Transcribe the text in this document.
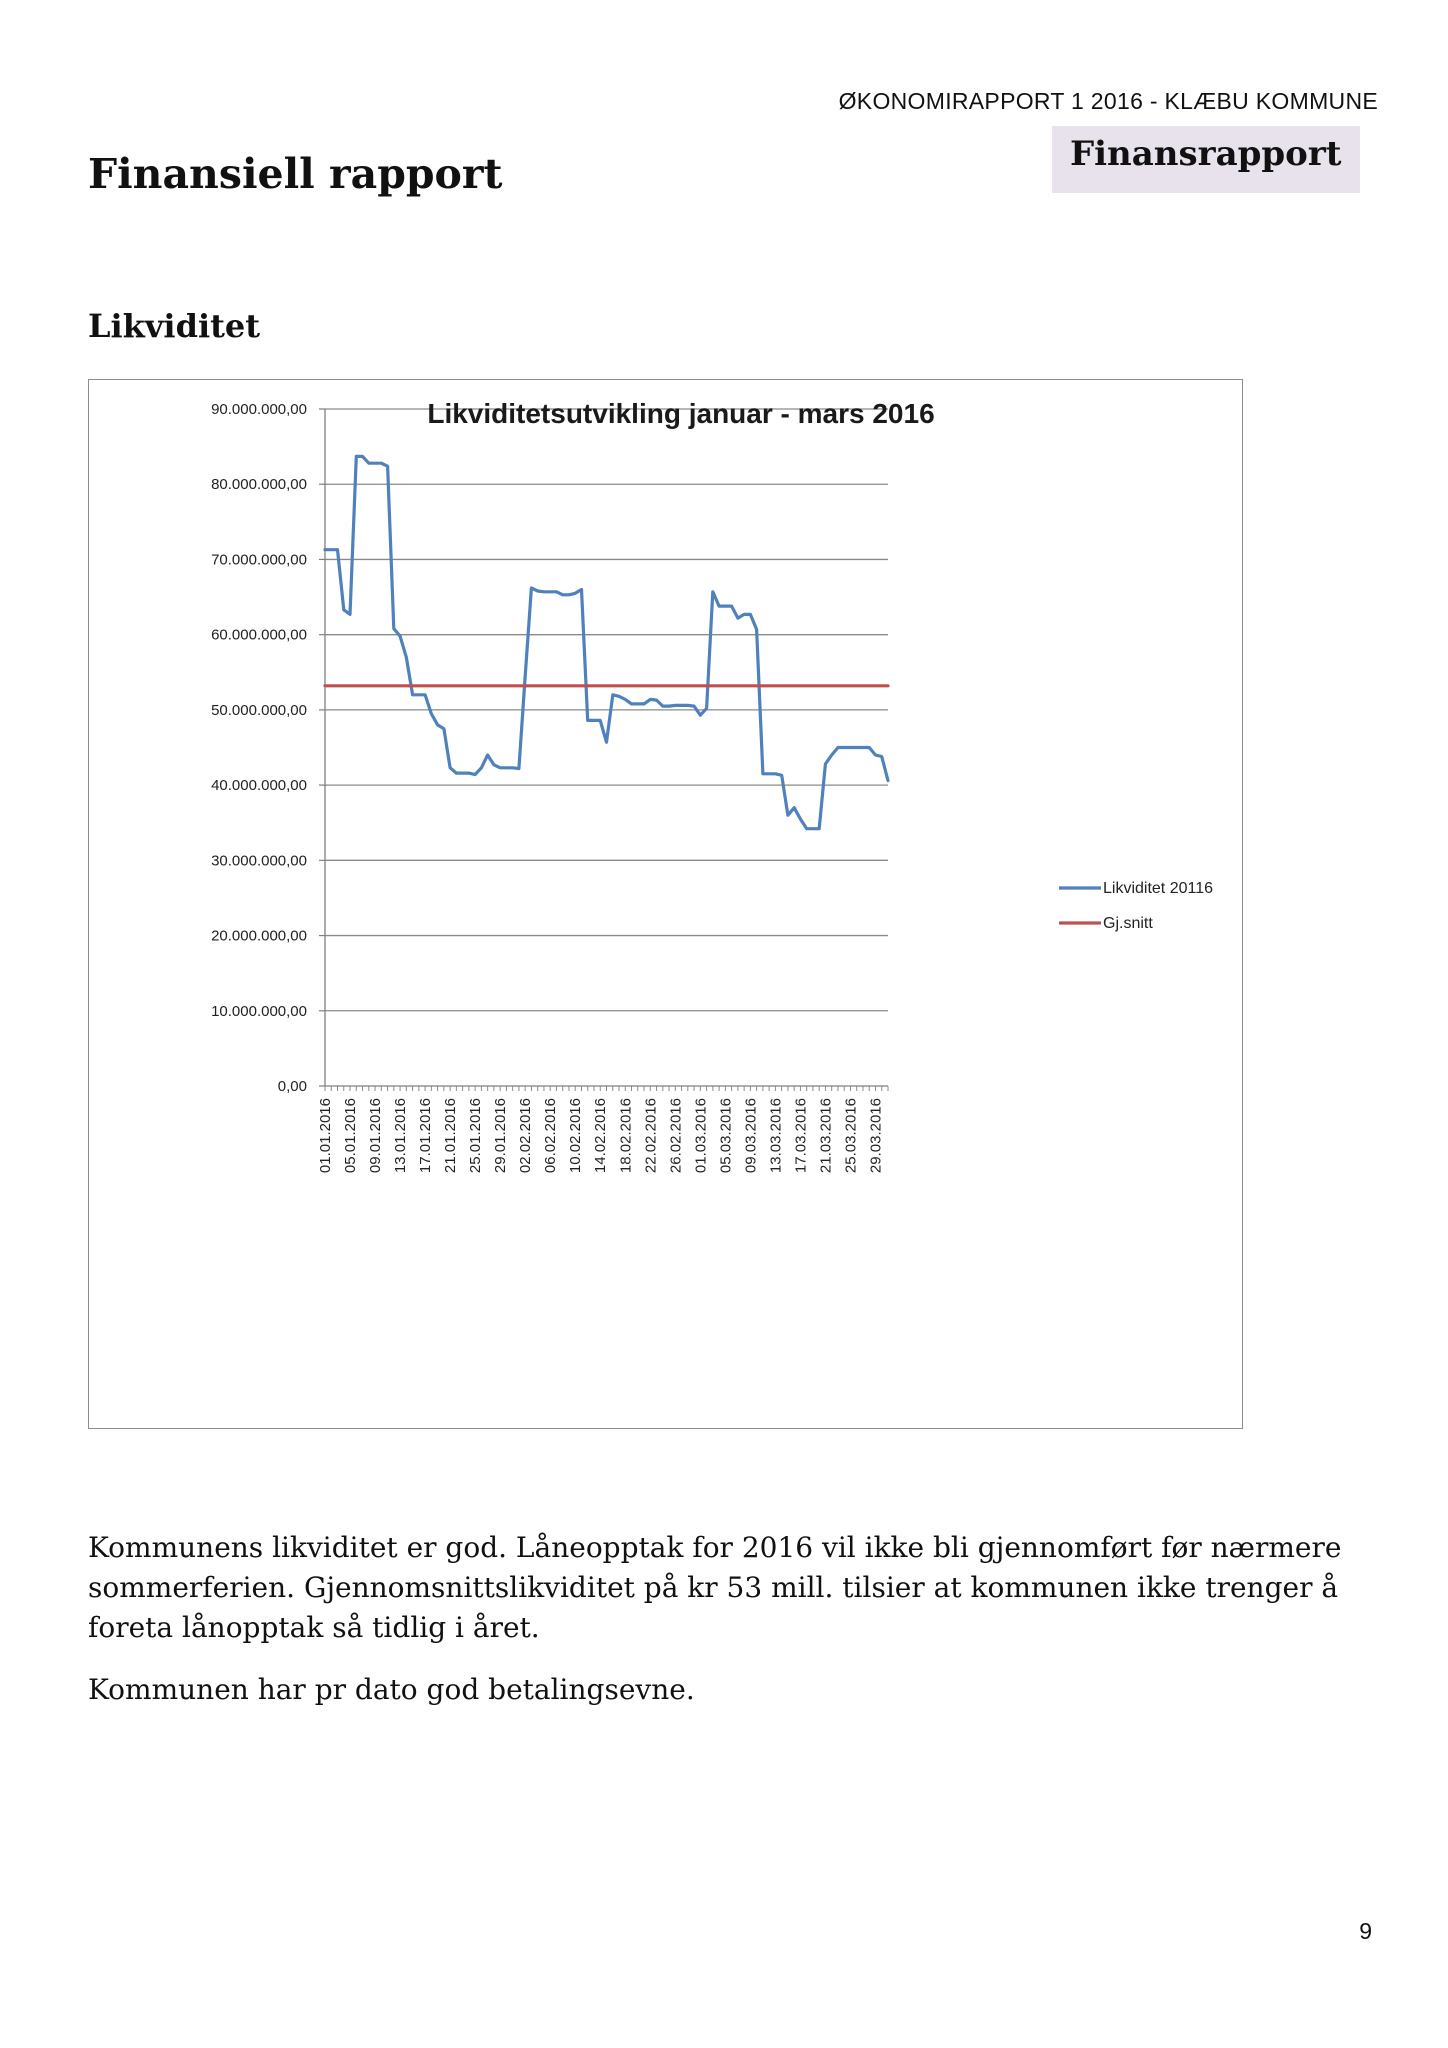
ØKONOMIRAPPORT 1 2016 - KLÆBU KOMMUNE
Finansrapport
Finansiell rapport
Likviditet
0,00
10.000.000,00
20.000.000,00
30.000.000,00
40.000.000,00
50.000.000,00
60.000.000,00
70.000.000,00
80.000.000,00
90.000.000,00
01.01.2016 05.01.2016 09.01.2016 13.01.2016 17.01.2016 21.01.2016 25.01.2016 29.01.2016 02.02.2016 06.02.2016 10.02.2016 14.02.2016 18.02.2016 22.02.2016 26.02.2016 01.03.2016 05.03.2016 09.03.2016 13.03.2016 17.03.2016 21.03.2016 25.03.2016 29.03.2016
Likviditetsutvikling januar - mars 2016
Likviditet 20116
Gj.snitt

Kommunens likviditet er god. Låneopptak for 2016 vil ikke bli gjennomført før nærmere sommerferien. Gjennomsnittslikviditet på kr 53 mill. tilsier at kommunen ikke trenger å foreta lånopptak så tidlig i året.

Kommunen har pr dato god betalingsevne.

9
